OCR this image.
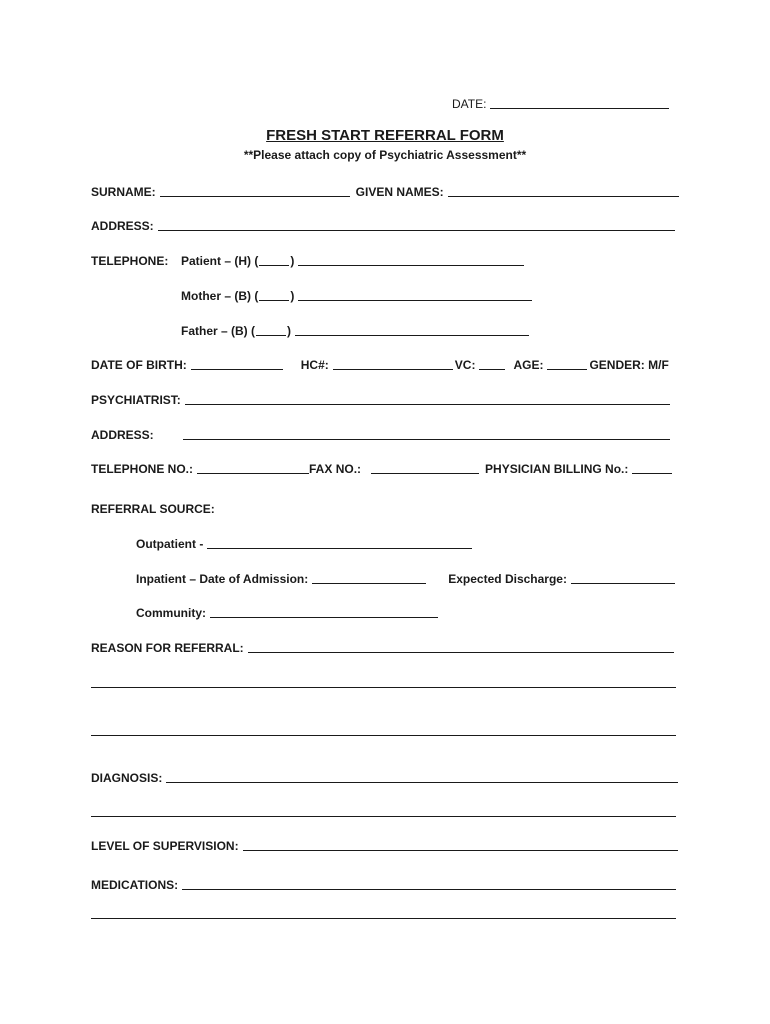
DATE:
FRESH START REFERRAL FORM
**Please attach copy of Psychiatric Assessment**
SURNAME:	GIVEN NAMES:
ADDRESS:
TELEPHONE:	Patient – (H) (	)
Mother – (B) (	)
Father – (B) (	)
DATE OF BIRTH:	HC#:	VC:	AGE:	GENDER: M/F
PSYCHIATRIST:
ADDRESS:
TELEPHONE NO.:	FAX NO.:	PHYSICIAN BILLING No.:
REFERRAL SOURCE:
Outpatient -
Inpatient – Date of Admission:	Expected Discharge:
Community:
REASON FOR REFERRAL:
DIAGNOSIS:
LEVEL OF SUPERVISION:
MEDICATIONS:
